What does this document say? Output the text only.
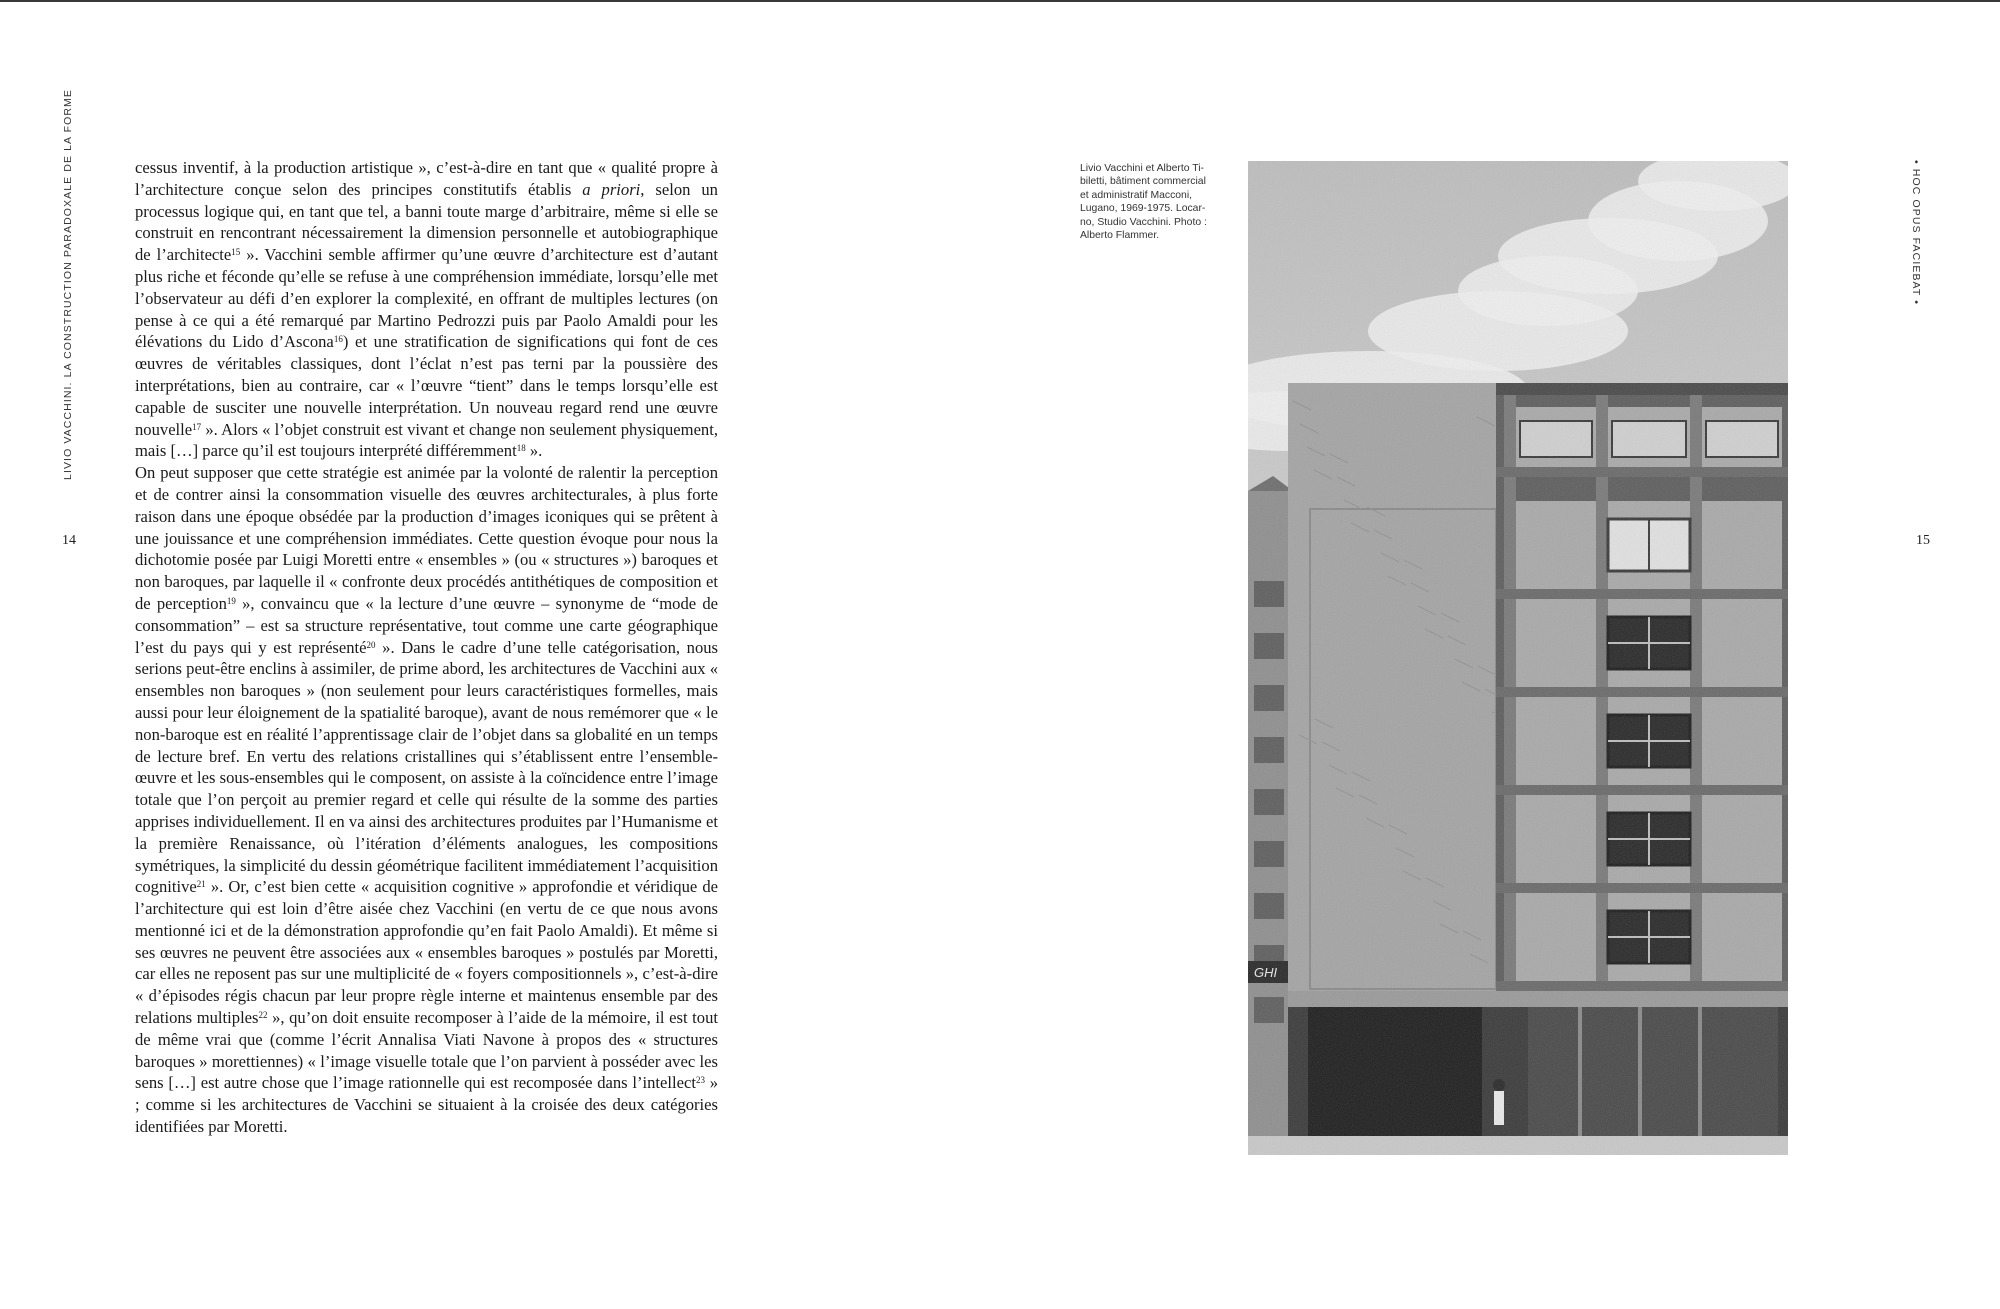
LIVIO VACCHINI. LA CONSTRUCTION PARADOXALE DE LA FORME
14

cessus inventif, à la production artistique », c’est-à-dire en tant que « qualité propre à l’architecture conçue selon des principes constitutifs établis a priori, selon un processus logique qui, en tant que tel, a banni toute marge d’arbitraire, même si elle se construit en rencontrant nécessairement la dimension personnelle et autobiographique de l’architecte$^{15}$ ». Vacchini semble affirmer qu’une œuvre d’architecture est d’autant plus riche et féconde qu’elle se refuse à une compréhension immédiate, lorsqu’elle met l’observateur au défi d’en explorer la complexité, en offrant de multiples lectures (on pense à ce qui a été remarqué par Martino Pedrozzi puis par Paolo Amaldi pour les élévations du Lido d’Ascona$^{16}$) et une stratification de significations qui font de ces œuvres de véritables classiques, dont l’éclat n’est pas terni par la poussière des interprétations, bien au contraire, car « l’œuvre “tient” dans le temps lorsqu’elle est capable de susciter une nouvelle interprétation. Un nouveau regard rend une œuvre nouvelle$^{17}$ ». Alors « l’objet construit est vivant et change non seulement physiquement, mais […] parce qu’il est toujours interprété différemment$^{18}$ ».

On peut supposer que cette stratégie est animée par la volonté de ralentir la perception et de contrer ainsi la consommation visuelle des œuvres architecturales, à plus forte raison dans une époque obsédée par la production d’images iconiques qui se prêtent à une jouissance et une compréhension immédiates. Cette question évoque pour nous la dichotomie posée par Luigi Moretti entre « ensembles » (ou « structures ») baroques et non baroques, par laquelle il « confronte deux procédés antithétiques de composition et de perception$^{19}$ », convaincu que « la lecture d’une œuvre – synonyme de “mode de consommation” – est sa structure représentative, tout comme une carte géographique l’est du pays qui y est représenté$^{20}$ ». Dans le cadre d’une telle catégorisation, nous serions peut-être enclins à assimiler, de prime abord, les architectures de Vacchini aux « ensembles non baroques » (non seulement pour leurs caractéristiques formelles, mais aussi pour leur éloignement de la spatialité baroque), avant de nous remémorer que « le non-baroque est en réalité l’apprentissage clair de l’objet dans sa globalité en un temps de lecture bref. En vertu des relations cristallines qui s’établissent entre l’ensemble-œuvre et les sous-ensembles qui le composent, on assiste à la coïncidence entre l’image totale que l’on perçoit au premier regard et celle qui résulte de la somme des parties apprises individuellement. Il en va ainsi des architectures produites par l’Humanisme et la première Renaissance, où l’itération d’éléments analogues, les compositions symétriques, la simplicité du dessin géométrique facilitent immédiatement l’acquisition cognitive$^{21}$ ». Or, c’est bien cette « acquisition cognitive » approfondie et véridique de l’architecture qui est loin d’être aisée chez Vacchini (en vertu de ce que nous avons mentionné ici et de la démonstration approfondie qu’en fait Paolo Amaldi). Et même si ses œuvres ne peuvent être associées aux « ensembles baroques » postulés par Moretti, car elles ne reposent pas sur une multiplicité de « foyers compositionnels », c’est-à-dire « d’épisodes régis chacun par leur propre règle interne et maintenus ensemble par des relations multiples$^{22}$ », qu’on doit ensuite recomposer à l’aide de la mémoire, il est tout de même vrai que (comme l’écrit Annalisa Viati Navone à propos des « structures baroques » morettiennes) « l’image visuelle totale que l’on parvient à posséder avec les sens […] est autre chose que l’image rationnelle qui est recomposée dans l’intellect$^{23}$ » ; comme si les architectures de Vacchini se situaient à la croisée des deux catégories identifiées par Moretti.

Livio Vacchini et Alberto Ti-
biletti, bâtiment commercial
et administratif Macconi,
Lugano, 1969-1975. Locar-
no, Studio Vacchini. Photo :
Alberto Flammer.	• HOC OPUS FACIEBAT •
15
